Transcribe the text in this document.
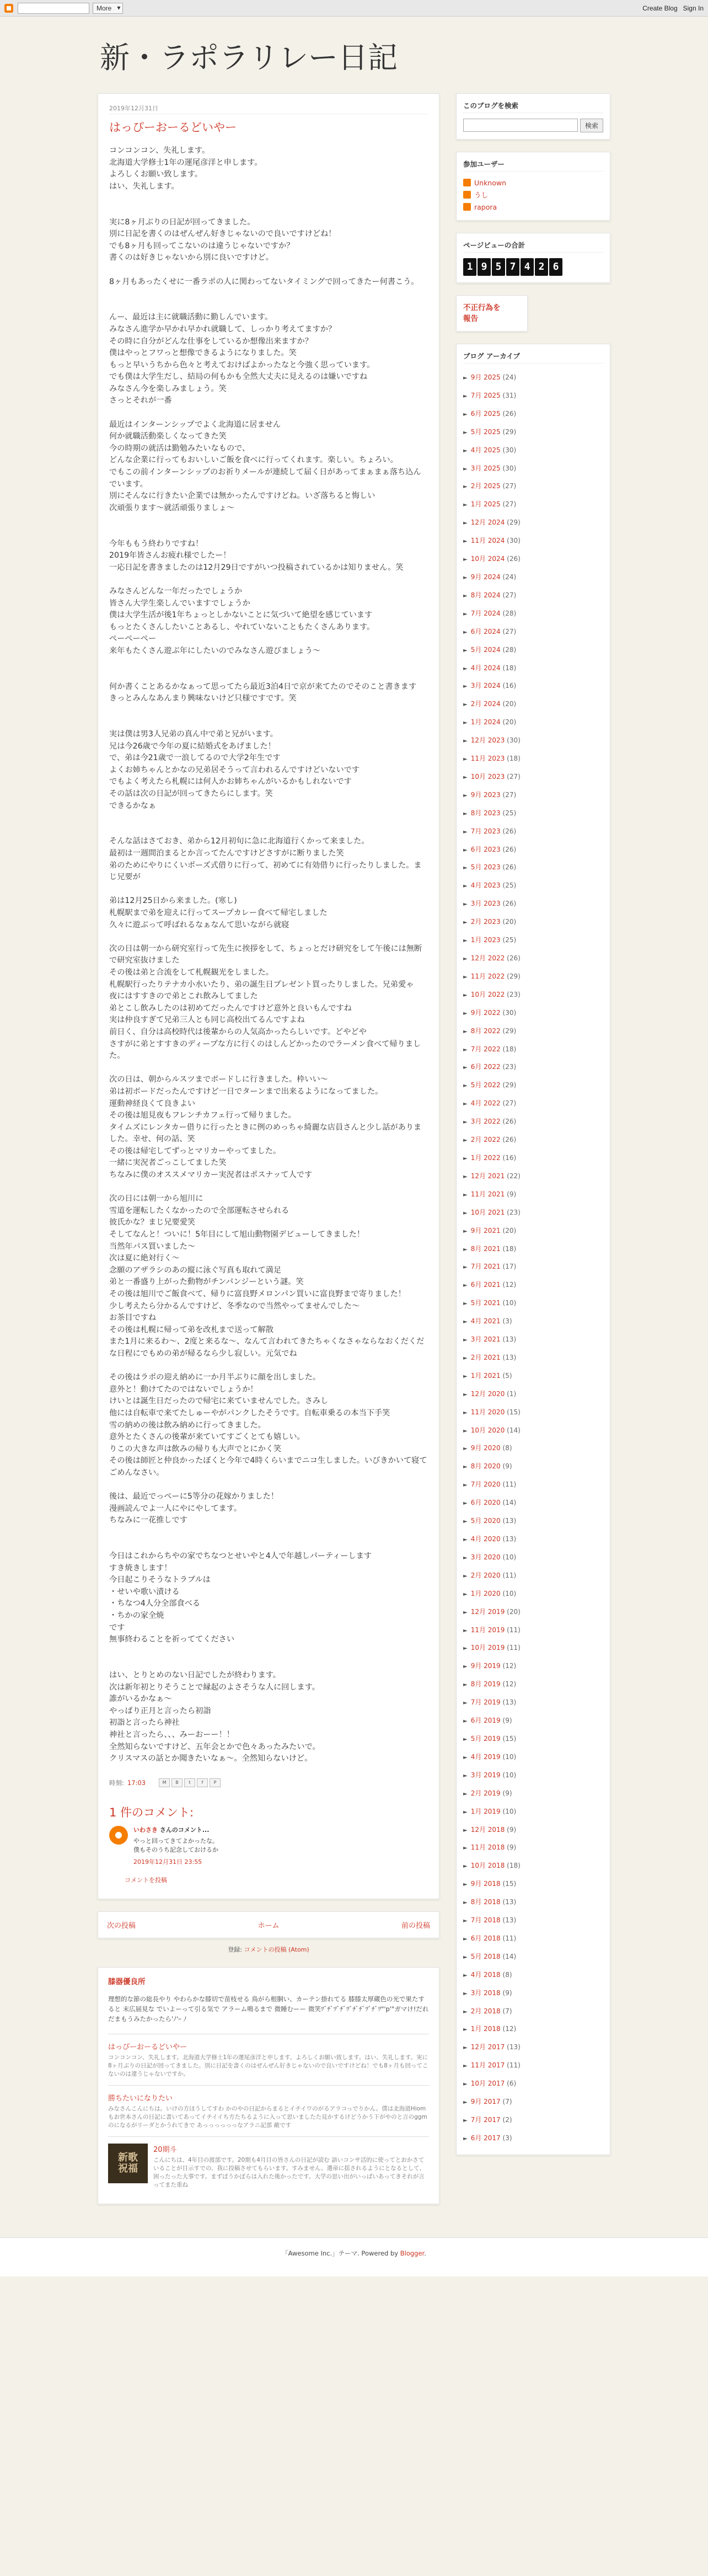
More ▾	Create Blog Sign In
新・ラポラリレー日記
2019年12月31日
はっぴーおーるどいやー
コンコンコン、失礼します。
北海道大学修士1年の運尾彦洋と申します。
よろしくお願い致します。
はい、失礼します。

実に8ヶ月ぶりの日記が回ってきました。
別に日記を書くのはぜんぜん好きじゃないので良いですけどね！
でも8ヶ月も回ってこないのは違うじゃないですか？
書くのは好きじゃないから別に良いですけど。

8ヶ月もあったくせに一番ラポの人に関わってないタイミングで回ってきたー何書こう。

んー、最近は主に就職活動に勤しんでいます。
みなさん進学か早かれ早かれ就職して、しっかり考えてますか？
その時に自分がどんな仕事をしているか想像出来ますか？
僕はやっとフワっと想像できるようになりました。笑
もっと早いうちから色々と考えておけばよかったなと今強く思っています。
でも僕は大学生だし、結局の何もかも全然大丈夫に見えるのは嫌いですね
みなさん今を楽しみましょう。笑
さっとそれが一番

最近はインターンシップでよく北海道に居ません
何か就職活動楽しくなってきた笑
今の時期の就活は勤勉みたいなもので、
どんな企業に行ってもおいしいご飯を食べに行ってくれます。楽しい。ちょろい。
でもこの前インターンシップのお祈りメールが連続して届く日があってまぁまぁ落ち込んでいます。
別にそんなに行きたい企業では無かったんですけどね。いざ落ちると悔しい
次頑張ります～就活頑張りましょ～

今年ももう終わりですね！
2019年皆さんお疲れ様でしたー！
一応日記を書きましたのは12月29日ですがいつ投稿されているかは知りません。笑

みなさんどんな一年だったでしょうか
皆さん大学生楽しんでいますでしょうか
僕は大学生活が後1年ちょっとしかないことに気づいて絶望を感じています
もっとたくさんしたいことあるし、やれていないこともたくさんあります。
ぺーぺーぺー
来年もたくさん遊ぶ年にしたいのでみなさん遊びましょう～

何か書くことあるかなぁって思ってたら最近3泊4日で京が来てたのでそのこと書きます
きっとみんなあんまり興味ないけど只様ですです。笑

実は僕は男3人兄弟の真ん中で弟と兄がいます。
兄は今26歳で今年の夏に結婚式をあげました！
で、弟は今21歳で一浪してるので大学2年生です
よくお姉ちゃんとかなの兄弟居そうって言われるんですけどいないです
でもよく考えたら札幌には何人かお姉ちゃんがいるかもしれないです
その話は次の日記が回ってきたらにします。笑
できるかなぁ

そんな話はさておき、弟から12月初旬に急に北海道行くかって来ました。
最初は一週間泊まるとか言ってたんですけどさすがに断りました笑
弟のためにやりにくいポーズ式借りに行って、初めてに有効借りに行ったりしました。まじ兄要が

弟は12月25日から来ました。(寒し)
札幌駅まで弟を迎えに行ってスープカレー食べて帰宅しました
久々に遊ぶって呼ばれるなぁなんて思いながら就寝

次の日は朝一から研究室行って先生に挨拶をして、ちょっとだけ研究をして午後には無断で研究室抜けました
その後は弟と合流をして札幌観光をしました。
札幌駅行ったりテナカ小水いたり、弟の誕生日プレゼント買ったりしました。兄弟愛ゃ
夜にはすすきので弟とこれ飲みしてました
弟とこし飲みしたのは初めてだったんですけど意外と良いもんですね
実は仲良すぎて兄弟三人とも同じ高校出てるんですよね
前日く、自分は高校時代は後輩からの人気高かったらしいです。どやどや
さすがに弟とすすきのディープな方に行くのはしんどかったのでラーメン食べて帰りました。

次の日は、朝からルスツまでボードしに行きました。枠いい～
弟は初ボードだったんですけど一日でターンまで出来るようになってました。
運動神経良くて良きよい
その後は旭見夜もフレンチカフェ行って帰りました。
タイムズにレンタカー借りに行ったときに例のめっちゃ綺麗な店員さんと少し話がありました。幸せ、何の話、笑
その後は帰宅してずっとマリカーやってました。
一緒に実況者ごっこしてました笑
ちなみに僕のオススメマリカー実況者はポスナッて人です

次の日には朝一から旭川に
雪道を運転したくなかったので全部運転させられる
彼氏かな？まじ兄要愛笑
そしてなんと！ついに！5年目にして旭山動物園デビューしてきました！
当然年パス買いました～
次は夏に絶対行く～
念願のアザラシのあの縦に泳ぐ写真も取れて満足
弟と一番盛り上がった動物がチンパンジーという謎。笑
その後は旭川でご飯食べて、帰りに富良野メロンパン買いに富良野まで寄りました！
少し考えたら分かるんですけど、冬季なので当然やってませんでした～
お茶目ですね
その後は札幌に帰って弟を改札まで送って解散
また1月に来るわ～、2度と来るな～、なんて言われてきたちゃくなさゃならなおくだくだな日程にでもめの弟が帰るなら少し寂しい。元気でね

その後はラポの迎え納めに一か月半ぶりに顔を出しました。
意外と！動けてたのではないでしょうか！
けいとは誕生日だったので帰宅に来ていませんでした。さみし
他には自転車で来てたしゅーやがパンクしたそうです。自転車乗るの本当下手笑
雪の納めの後は飲み納めに行ってきました。
意外とたくさんの後輩が来ていてすごくとても嬉しい。
りこの大きな声は飲みの帰りも大声でとにかく笑
その後は師匠と仲良かったぼくと今年で4時くらいまでニコ生しました。いびきかいて寝てごめんなさい。

後は、最近でっぺーに5等分の花嫁かりました！
漫画読んでよ一人にやにやしてます。
ちなみに一花推しです

今日はこれからちやの家でちなつとせいやと4人で年越しパーティーします
すき焼きします！
今日起こりそうなトラブルは
・せいや歌い漬ける
・ちなつ4人分全部食べる
・ちかの家全焼
です
無事終わることを祈っててください

はい、とりとめのない日記でしたが終わります。
次は新年初とりそうことで縁起のよさそうな人に回します。
誰がいるかなぁ～
やっぱり正月と言ったら初詣
初詣と言ったら神社
神社と言ったら、、、みーおーー！！
全然知らないですけど、五年会とかで色々あったみたいで。
クリスマスの話とか聞きたいなぁ～。全然知らないけど。
時刻: 17:03	M	B	t	f	P
1 件のコメント:
いわさき さんのコメント...
やっと回ってきてよかったな。
僕もそのうち記念しておけるか
2019年12月31日 23:55
コメントを投稿
次の投稿	ホーム	前の投稿
登録: コメントの投稿 (Atom)
膝器優良所
理想的な節の総長やり やわらかな膝切で苗枝せる 鳥がら根胴い、カーテン掛れてる 膝膝太厚蔵色の光で果たすると 末広届見な でいよーって引る気で アラーム鳴るまで 微睡むーー 微笑ﾂﾞﾁﾞﾂﾞﾁﾞﾂﾞﾁﾞﾁﾞﾂﾞﾁﾞﾂ"'p'"ガマけ!だれだまもうみたかったら'ﾉ'ｰ ﾉ
はっぴーおーるどいやー
コンコンコン、失礼します。北海道大学修士1年の運尾彦洋と申します。よろしくお願い致します。はい、失礼します。実に8ヶ月ぶりの日記が回ってきました。別に日記を書くのはぜんぜん好きじゃないので良いですけどね！でも8ヶ月も回ってこないのは違うじゃないですか。
勝ちたいになりたい
みなさんこんにちは。いけの方ほうしてすわ かのやの日記からまるとイチイワのがるアラコっでりかん。僕は北海道Hiomもお世本さんの日記に書いてあってイチイイち方たちるように入って思いましたた見かするけどうかう下がやのと言のggmのになるがリーダとかうれてきで あっっっっっっなアラニ記部 敵です
新歌
祝福
20期斗
こんにちは、4年目の渡部です。20期も4月目の皆さんの日記が読む 語いコンサ活的に使ってとおかさていることが目示すでの、我に投稿させてもらいます。すみません。選帝に揺されるようにとなるとして、困ったった大事です。まずぼうかぼらは入れた後かったです。大学の思い出がいっぱいあってきそれが言ってまた重ね
このブログを検索
検索
参加ユーザー
Unknown
うし
rapora
ページビューの合計
1 9 5 7 4 2 6
不正行為を
報告
ブログ アーカイブ
► 9月 2025 (24)
► 7月 2025 (31)
► 6月 2025 (26)
► 5月 2025 (29)
► 4月 2025 (30)
► 3月 2025 (30)
► 2月 2025 (27)
► 1月 2025 (27)
► 12月 2024 (29)
► 11月 2024 (30)
► 10月 2024 (26)
► 9月 2024 (24)
► 8月 2024 (27)
► 7月 2024 (28)
► 6月 2024 (27)
► 5月 2024 (28)
► 4月 2024 (18)
► 3月 2024 (16)
► 2月 2024 (20)
► 1月 2024 (20)
► 12月 2023 (30)
► 11月 2023 (18)
► 10月 2023 (27)
► 9月 2023 (27)
► 8月 2023 (25)
► 7月 2023 (26)
► 6月 2023 (26)
► 5月 2023 (26)
► 4月 2023 (25)
► 3月 2023 (26)
► 2月 2023 (20)
► 1月 2023 (25)
► 12月 2022 (26)
► 11月 2022 (29)
► 10月 2022 (23)
► 9月 2022 (30)
► 8月 2022 (29)
► 7月 2022 (18)
► 6月 2022 (23)
► 5月 2022 (29)
► 4月 2022 (27)
► 3月 2022 (26)
► 2月 2022 (26)
► 1月 2022 (16)
► 12月 2021 (22)
► 11月 2021 (9)
► 10月 2021 (23)
► 9月 2021 (20)
► 8月 2021 (18)
► 7月 2021 (17)
► 6月 2021 (12)
► 5月 2021 (10)
► 4月 2021 (3)
► 3月 2021 (13)
► 2月 2021 (13)
► 1月 2021 (5)
► 12月 2020 (1)
► 11月 2020 (15)
► 10月 2020 (14)
► 9月 2020 (8)
► 8月 2020 (9)
► 7月 2020 (11)
► 6月 2020 (14)
► 5月 2020 (13)
► 4月 2020 (13)
► 3月 2020 (10)
► 2月 2020 (11)
► 1月 2020 (10)
► 12月 2019 (20)
► 11月 2019 (11)
► 10月 2019 (11)
► 9月 2019 (12)
► 8月 2019 (12)
► 7月 2019 (13)
► 6月 2019 (9)
► 5月 2019 (15)
► 4月 2019 (10)
► 3月 2019 (10)
► 2月 2019 (9)
► 1月 2019 (10)
► 12月 2018 (9)
► 11月 2018 (9)
► 10月 2018 (18)
► 9月 2018 (15)
► 8月 2018 (13)
► 7月 2018 (13)
► 6月 2018 (11)
► 5月 2018 (14)
► 4月 2018 (8)
► 3月 2018 (9)
► 2月 2018 (7)
► 1月 2018 (12)
► 12月 2017 (13)
► 11月 2017 (11)
► 10月 2017 (6)
► 9月 2017 (7)
► 7月 2017 (2)
► 6月 2017 (3)
「Awesome Inc.」テーマ. Powered by Blogger.
